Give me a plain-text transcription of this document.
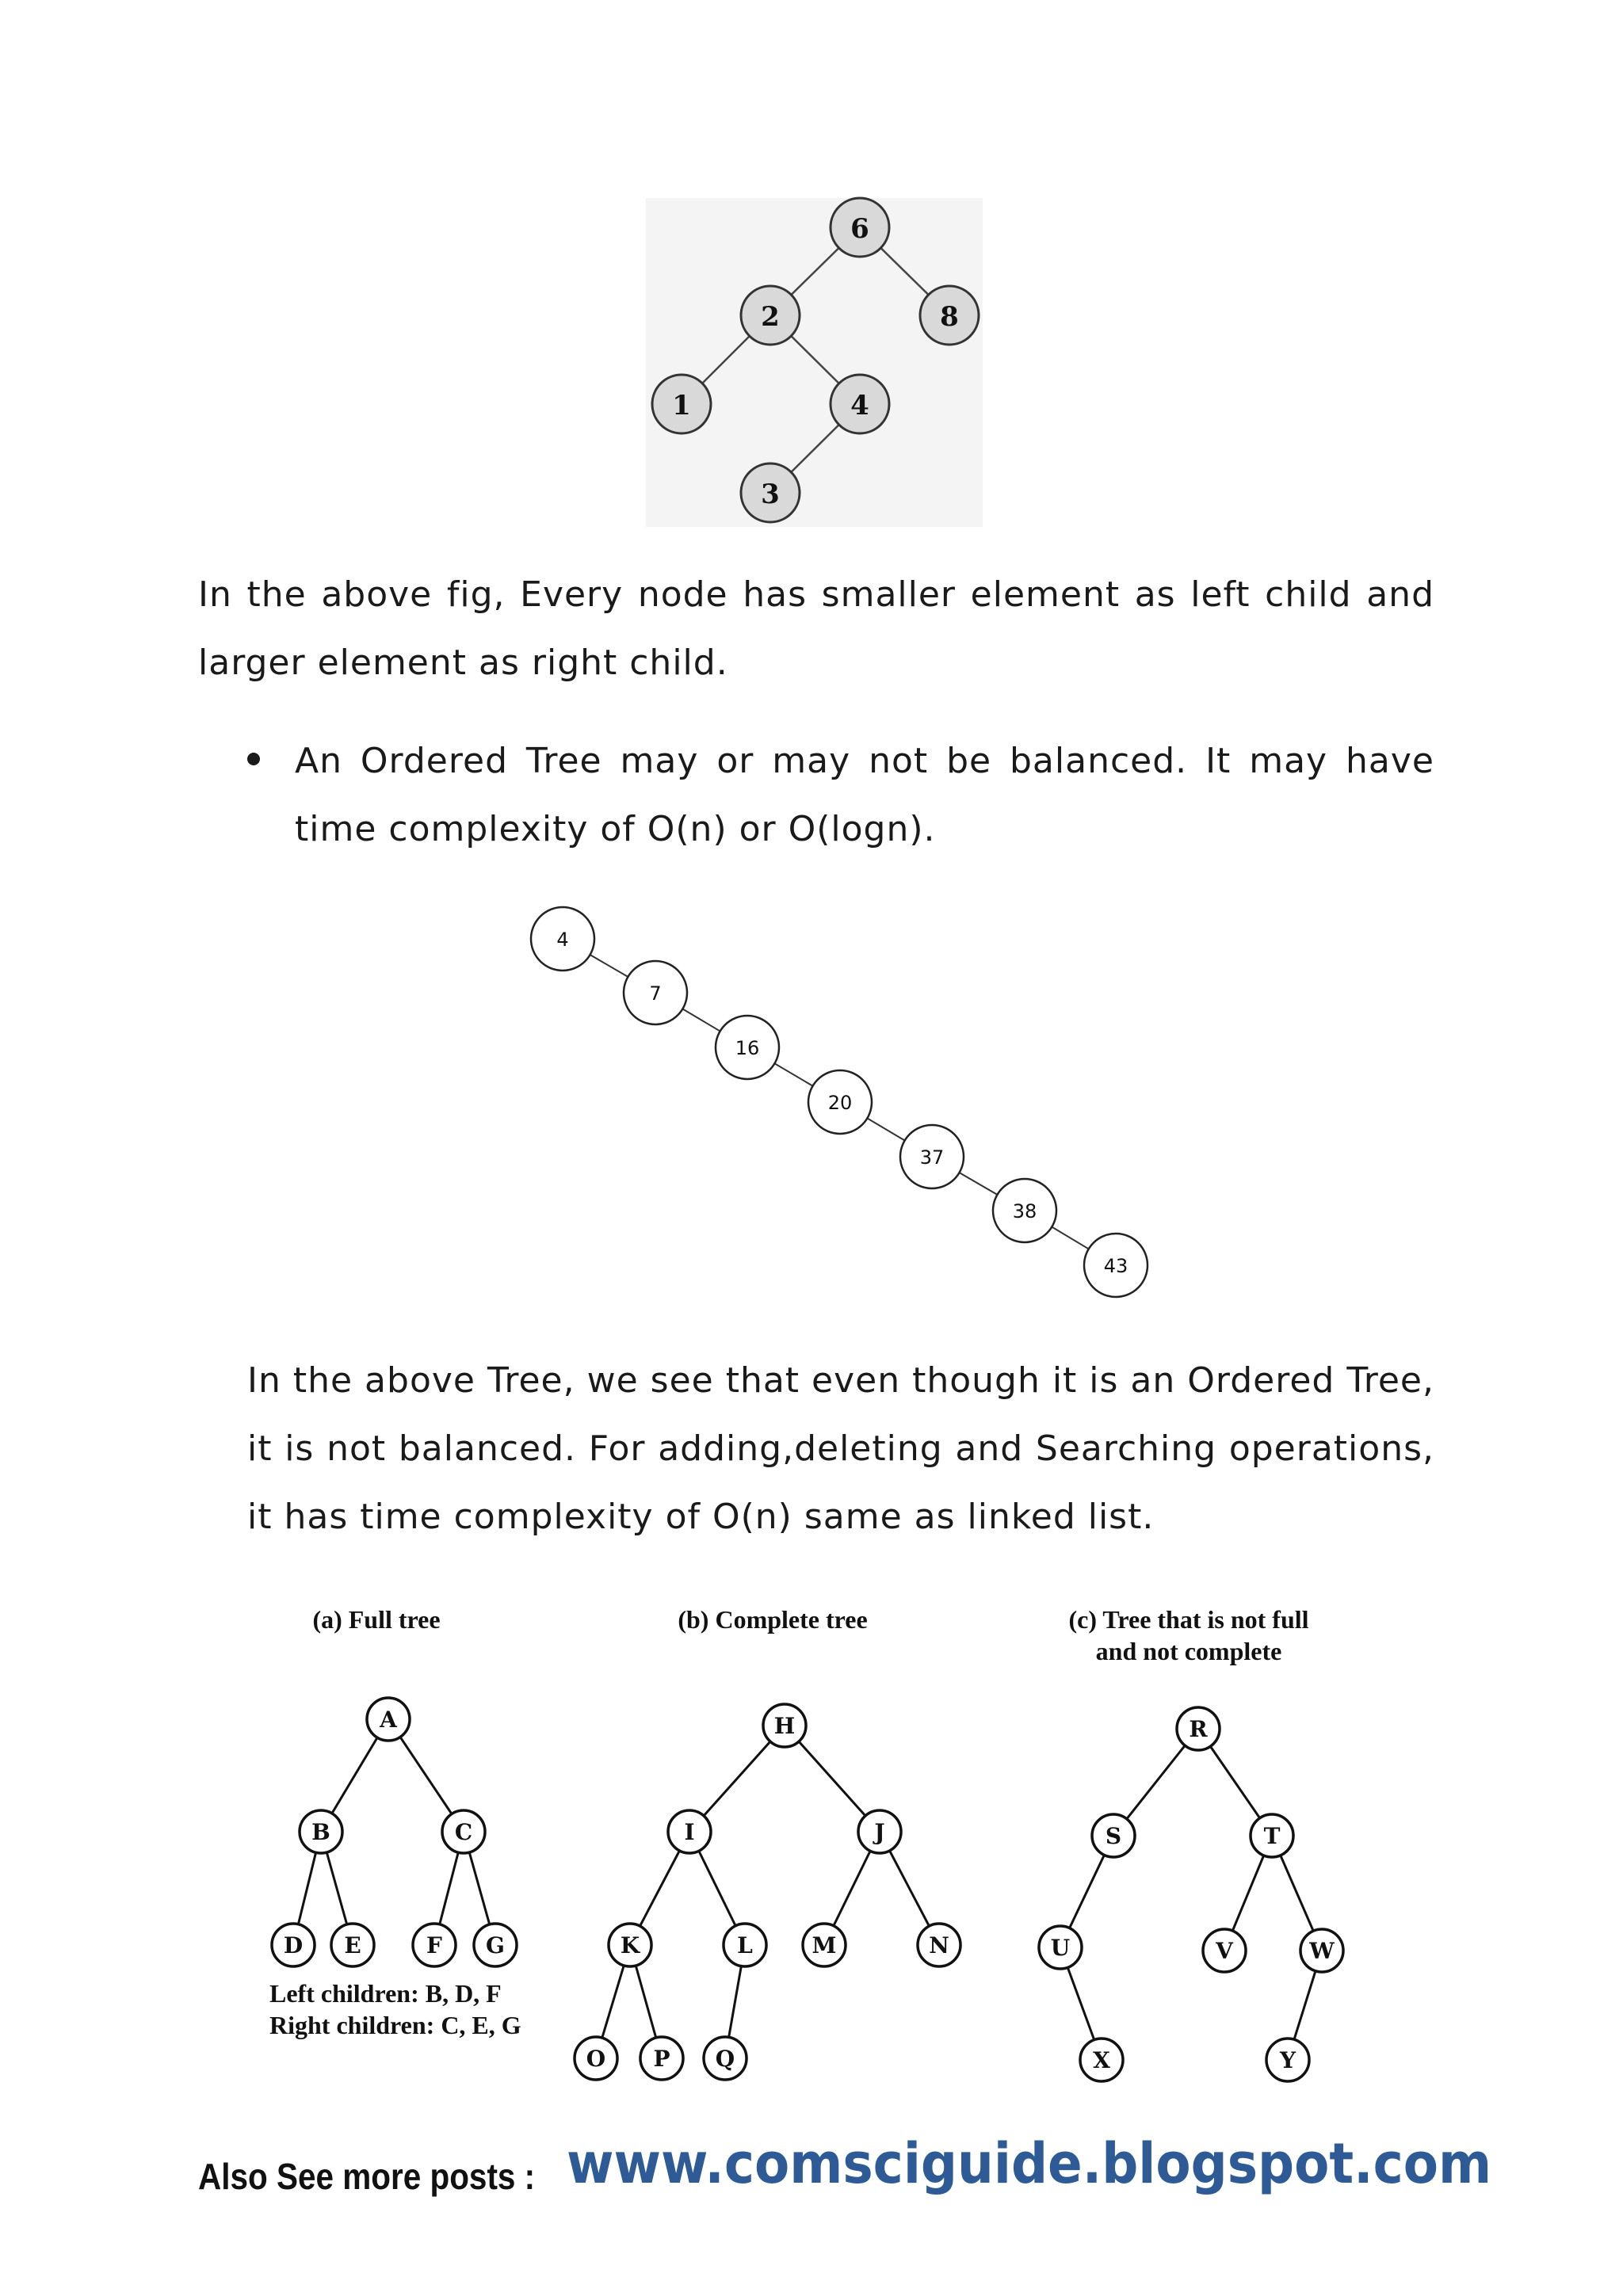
6
2	8
1	4
3

In the above fig, Every node has smaller element as left child and larger element as right child.

An Ordered Tree may or may not be balanced. It may have time complexity of O(n) or O(logn).

4
7
16
20
37
38
43

In the above Tree, we see that even though it is an Ordered Tree, it is not balanced. For adding,deleting and Searching operations, it has time complexity of O(n) same as linked list.

(a) Full tree	(b) Complete tree	(c) Tree that is not full
and not complete
A
B	C
D E	F G
Left children: B, D, F
Right children: C, E, G
H
I	J
K	L	M	N
O P Q
R
S	T
U	V	W
X	Y
Also See more posts : www.comsciguide.blogspot.com
